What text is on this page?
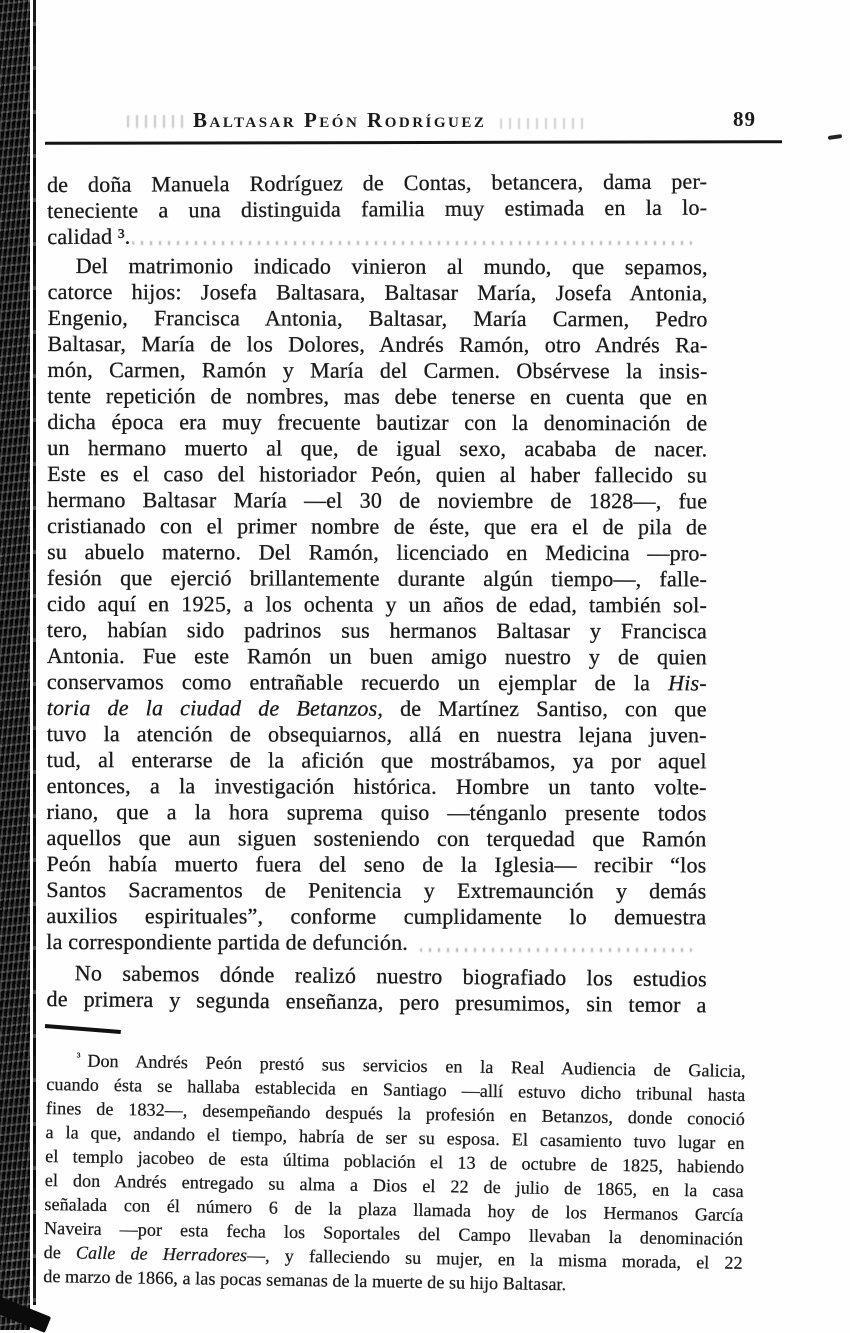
Baltasar Peón Rodríguez	89
de doña Manuela Rodríguez de Contas, betancera, dama per-
teneciente a una distinguida familia muy estimada en la lo-
calidad ³.
Del matrimonio indicado vinieron al mundo, que sepamos,
catorce hijos: Josefa Baltasara, Baltasar María, Josefa Antonia,
Engenio, Francisca Antonia, Baltasar, María Carmen, Pedro
Baltasar, María de los Dolores, Andrés Ramón, otro Andrés Ra-
món, Carmen, Ramón y María del Carmen. Obsérvese la insis-
tente repetición de nombres, mas debe tenerse en cuenta que en
dicha época era muy frecuente bautizar con la denominación de
un hermano muerto al que, de igual sexo, acababa de nacer.
Este es el caso del historiador Peón, quien al haber fallecido su
hermano Baltasar María —el 30 de noviembre de 1828—, fue
cristianado con el primer nombre de éste, que era el de pila de
su abuelo materno. Del Ramón, licenciado en Medicina —pro-
fesión que ejerció brillantemente durante algún tiempo—, falle-
cido aquí en 1925, a los ochenta y un años de edad, también sol-
tero, habían sido padrinos sus hermanos Baltasar y Francisca
Antonia. Fue este Ramón un buen amigo nuestro y de quien
conservamos como entrañable recuerdo un ejemplar de la His-
toria de la ciudad de Betanzos, de Martínez Santiso, con que
tuvo la atención de obsequiarnos, allá en nuestra lejana juven-
tud, al enterarse de la afición que mostrábamos, ya por aquel
entonces, a la investigación histórica. Hombre un tanto volte-
riano, que a la hora suprema quiso —ténganlo presente todos
aquellos que aun siguen sosteniendo con terquedad que Ramón
Peón había muerto fuera del seno de la Iglesia— recibir “los
Santos Sacramentos de Penitencia y Extremaunción y demás
auxilios espirituales”, conforme cumplidamente lo demuestra
la correspondiente partida de defunción.
No sabemos dónde realizó nuestro biografiado los estudios
de primera y segunda enseñanza, pero presumimos, sin temor a
$^{^3}$ Don Andrés Peón prestó sus servicios en la Real Audiencia de Galicia,
cuando ésta se hallaba establecida en Santiago —allí estuvo dicho tribunal hasta
fines de 1832—, desempeñando después la profesión en Betanzos, donde conoció
a la que, andando el tiempo, habría de ser su esposa. El casamiento tuvo lugar en
el templo jacobeo de esta última población el 13 de octubre de 1825, habiendo
el don Andrés entregado su alma a Dios el 22 de julio de 1865, en la casa
señalada con él número 6 de la plaza llamada hoy de los Hermanos García
Naveira —por esta fecha los Soportales del Campo llevaban la denominación
de Calle de Herradores—, y falleciendo su mujer, en la misma morada, el 22
de marzo de 1866, a las pocas semanas de la muerte de su hijo Baltasar.
